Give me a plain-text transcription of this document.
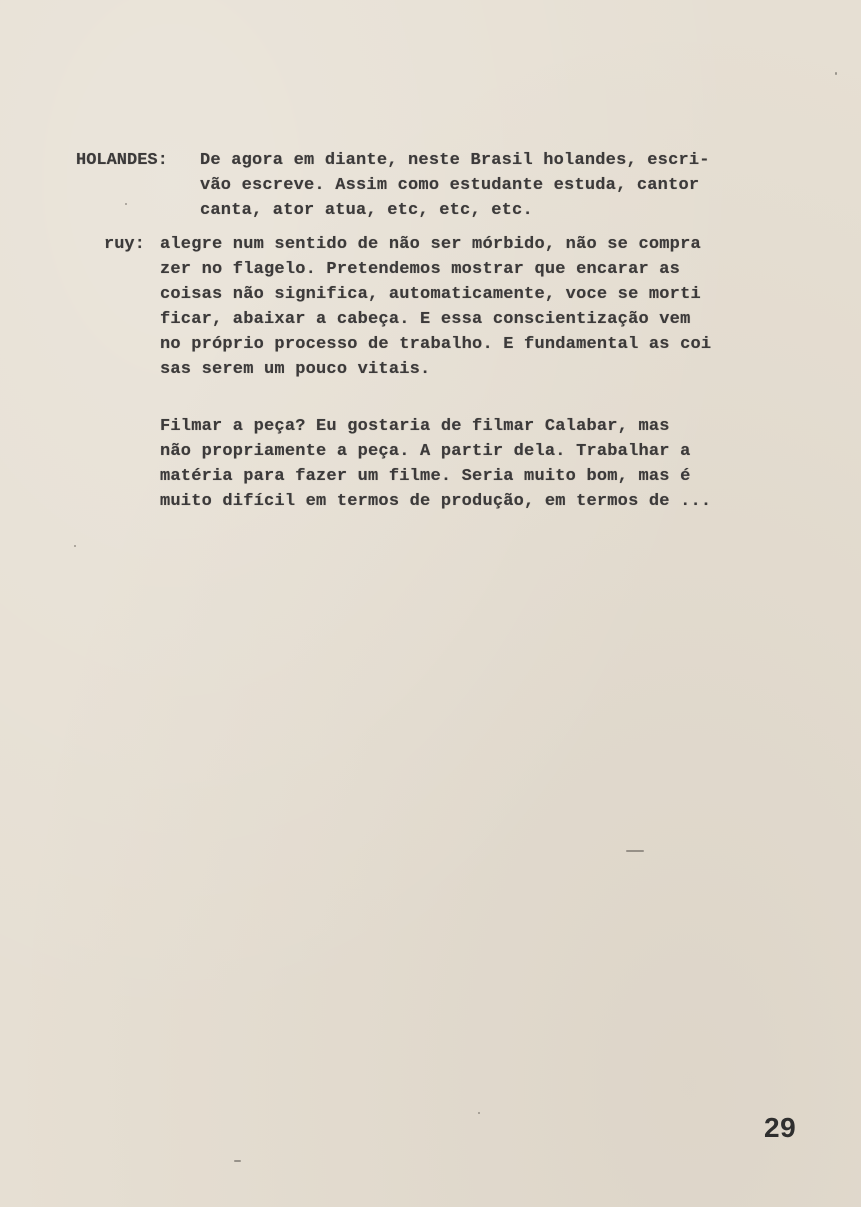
HOLANDES: De agora em diante, neste Brasil holandes, escri-
vão escreve. Assim como estudante estuda, cantor
canta, ator atua, etc, etc, etc.
ruy: alegre num sentido de não ser mórbido, não se compra
zer no flagelo. Pretendemos mostrar que encarar as
coisas não significa, automaticamente, voce se morti
ficar, abaixar a cabeça. E essa conscientização vem
no próprio processo de trabalho. E fundamental as coi
sas serem um pouco vitais.
Filmar a peça? Eu gostaria de filmar Calabar, mas
não propriamente a peça. A partir dela. Trabalhar a
matéria para fazer um filme. Seria muito bom, mas é
muito difícil em termos de produção, em termos de ...
29
